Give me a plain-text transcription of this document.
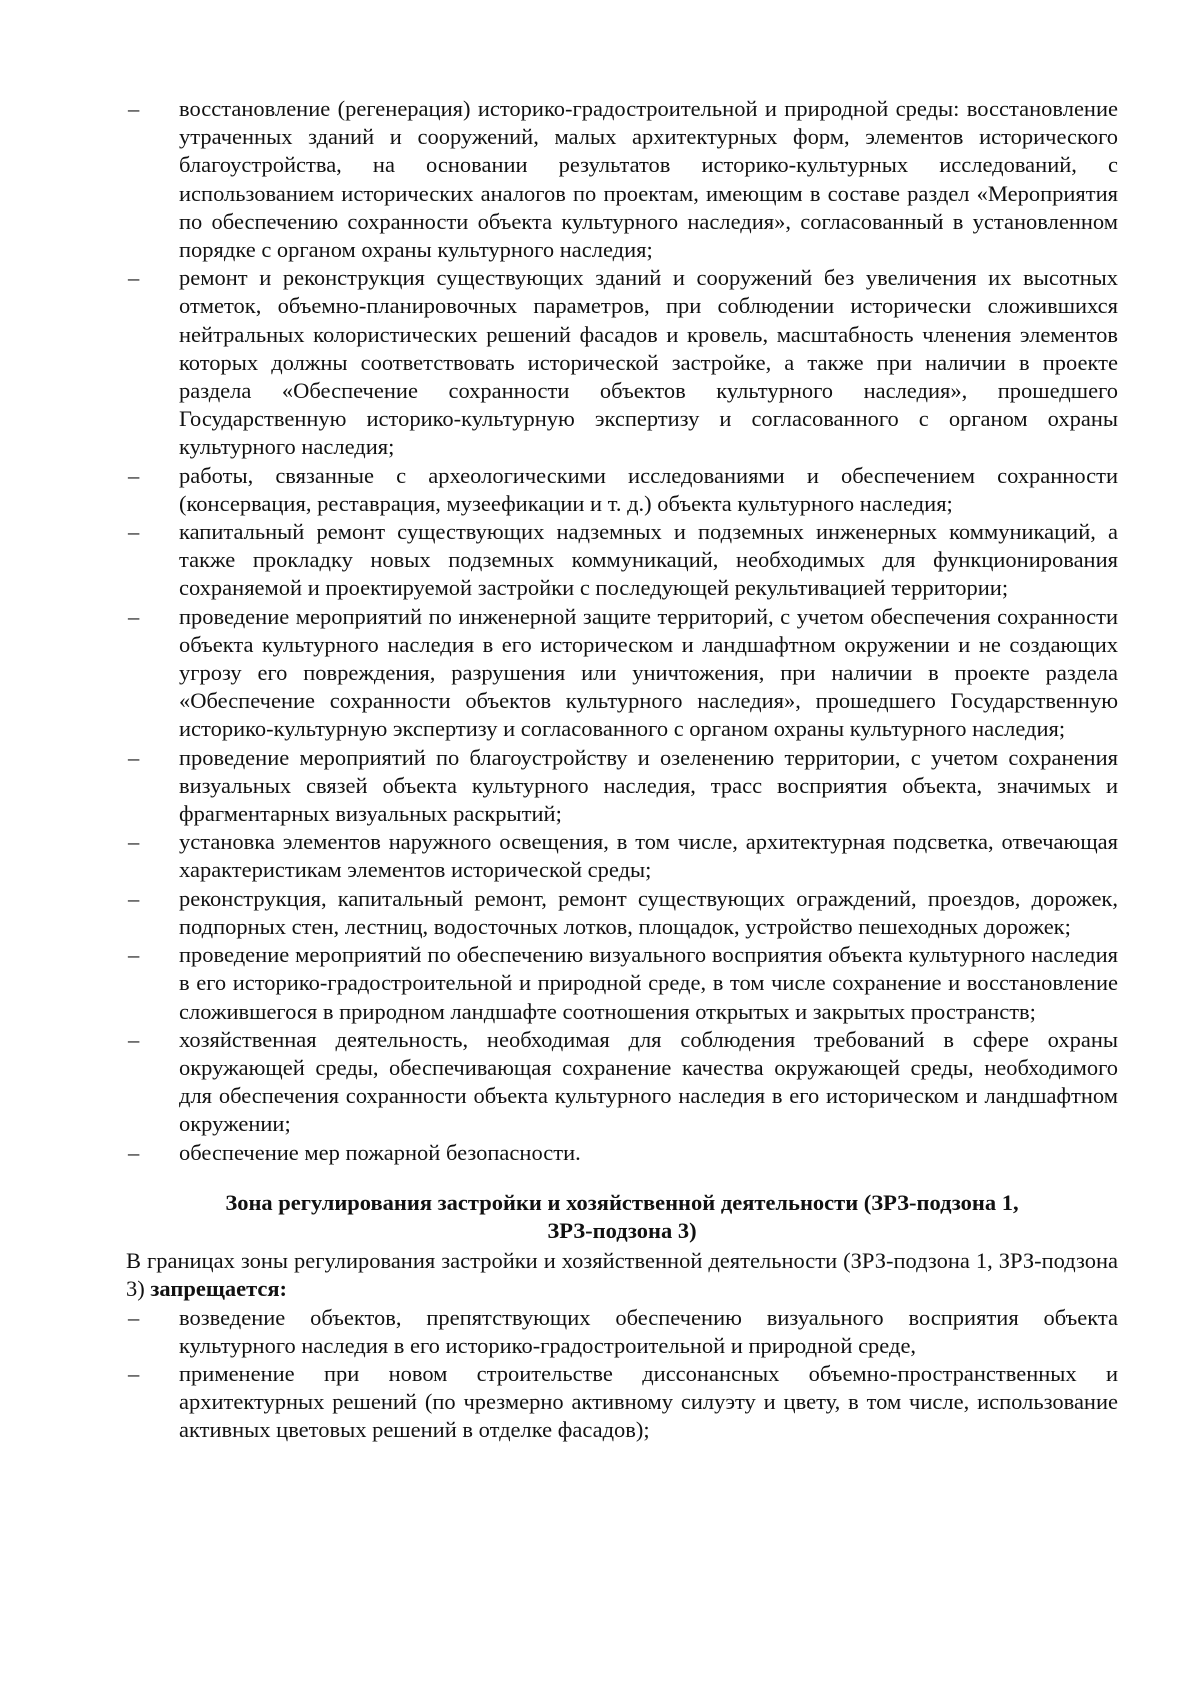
– восстановление (регенерация) историко-градостроительной и природной среды: восстановление утраченных зданий и сооружений, малых архитектурных форм, элементов исторического благоустройства, на основании результатов историко-культурных исследований, с использованием исторических аналогов по проектам, имеющим в составе раздел «Мероприятия по обеспечению сохранности объекта культурного наследия», согласованный в установленном порядке с органом охраны культурного наследия;
– ремонт и реконструкция существующих зданий и сооружений без увеличения их высотных отметок, объемно-планировочных параметров, при соблюдении исторически сложившихся нейтральных колористических решений фасадов и кровель, масштабность членения элементов которых должны соответствовать исторической застройке, а также при наличии в проекте раздела «Обеспечение сохранности объектов культурного наследия», прошедшего Государственную историко-культурную экспертизу и согласованного с органом охраны культурного наследия;
– работы, связанные с археологическими исследованиями и обеспечением сохранности (консервация, реставрация, музеефикации и т. д.) объекта культурного наследия;
– капитальный ремонт существующих надземных и подземных инженерных коммуникаций, а также прокладку новых подземных коммуникаций, необходимых для функционирования сохраняемой и проектируемой застройки с последующей рекультивацией территории;
– проведение мероприятий по инженерной защите территорий, с учетом обеспечения сохранности объекта культурного наследия в его историческом и ландшафтном окружении и не создающих угрозу его повреждения, разрушения или уничтожения, при наличии в проекте раздела «Обеспечение сохранности объектов культурного наследия», прошедшего Государственную историко-культурную экспертизу и согласованного с органом охраны культурного наследия;
– проведение мероприятий по благоустройству и озеленению территории, с учетом сохранения визуальных связей объекта культурного наследия, трасс восприятия объекта, значимых и фрагментарных визуальных раскрытий;
– установка элементов наружного освещения, в том числе, архитектурная подсветка, отвечающая характеристикам элементов исторической среды;
– реконструкция, капитальный ремонт, ремонт существующих ограждений, проездов, дорожек, подпорных стен, лестниц, водосточных лотков, площадок, устройство пешеходных дорожек;
– проведение мероприятий по обеспечению визуального восприятия объекта культурного наследия в его историко-градостроительной и природной среде, в том числе сохранение и восстановление сложившегося в природном ландшафте соотношения открытых и закрытых пространств;
– хозяйственная деятельность, необходимая для соблюдения требований в сфере охраны окружающей среды, обеспечивающая сохранение качества окружающей среды, необходимого для обеспечения сохранности объекта культурного наследия в его историческом и ландшафтном окружении;
– обеспечение мер пожарной безопасности.
Зона регулирования застройки и хозяйственной деятельности (ЗРЗ-подзона 1,
ЗРЗ-подзона 3)
В границах зоны регулирования застройки и хозяйственной деятельности (ЗРЗ-подзона 1, ЗРЗ-подзона 3) запрещается:
– возведение объектов, препятствующих обеспечению визуального восприятия объекта культурного наследия в его историко-градостроительной и природной среде,
– применение при новом строительстве диссонансных объемно-пространственных и архитектурных решений (по чрезмерно активному силуэту и цвету, в том числе, использование активных цветовых решений в отделке фасадов);
